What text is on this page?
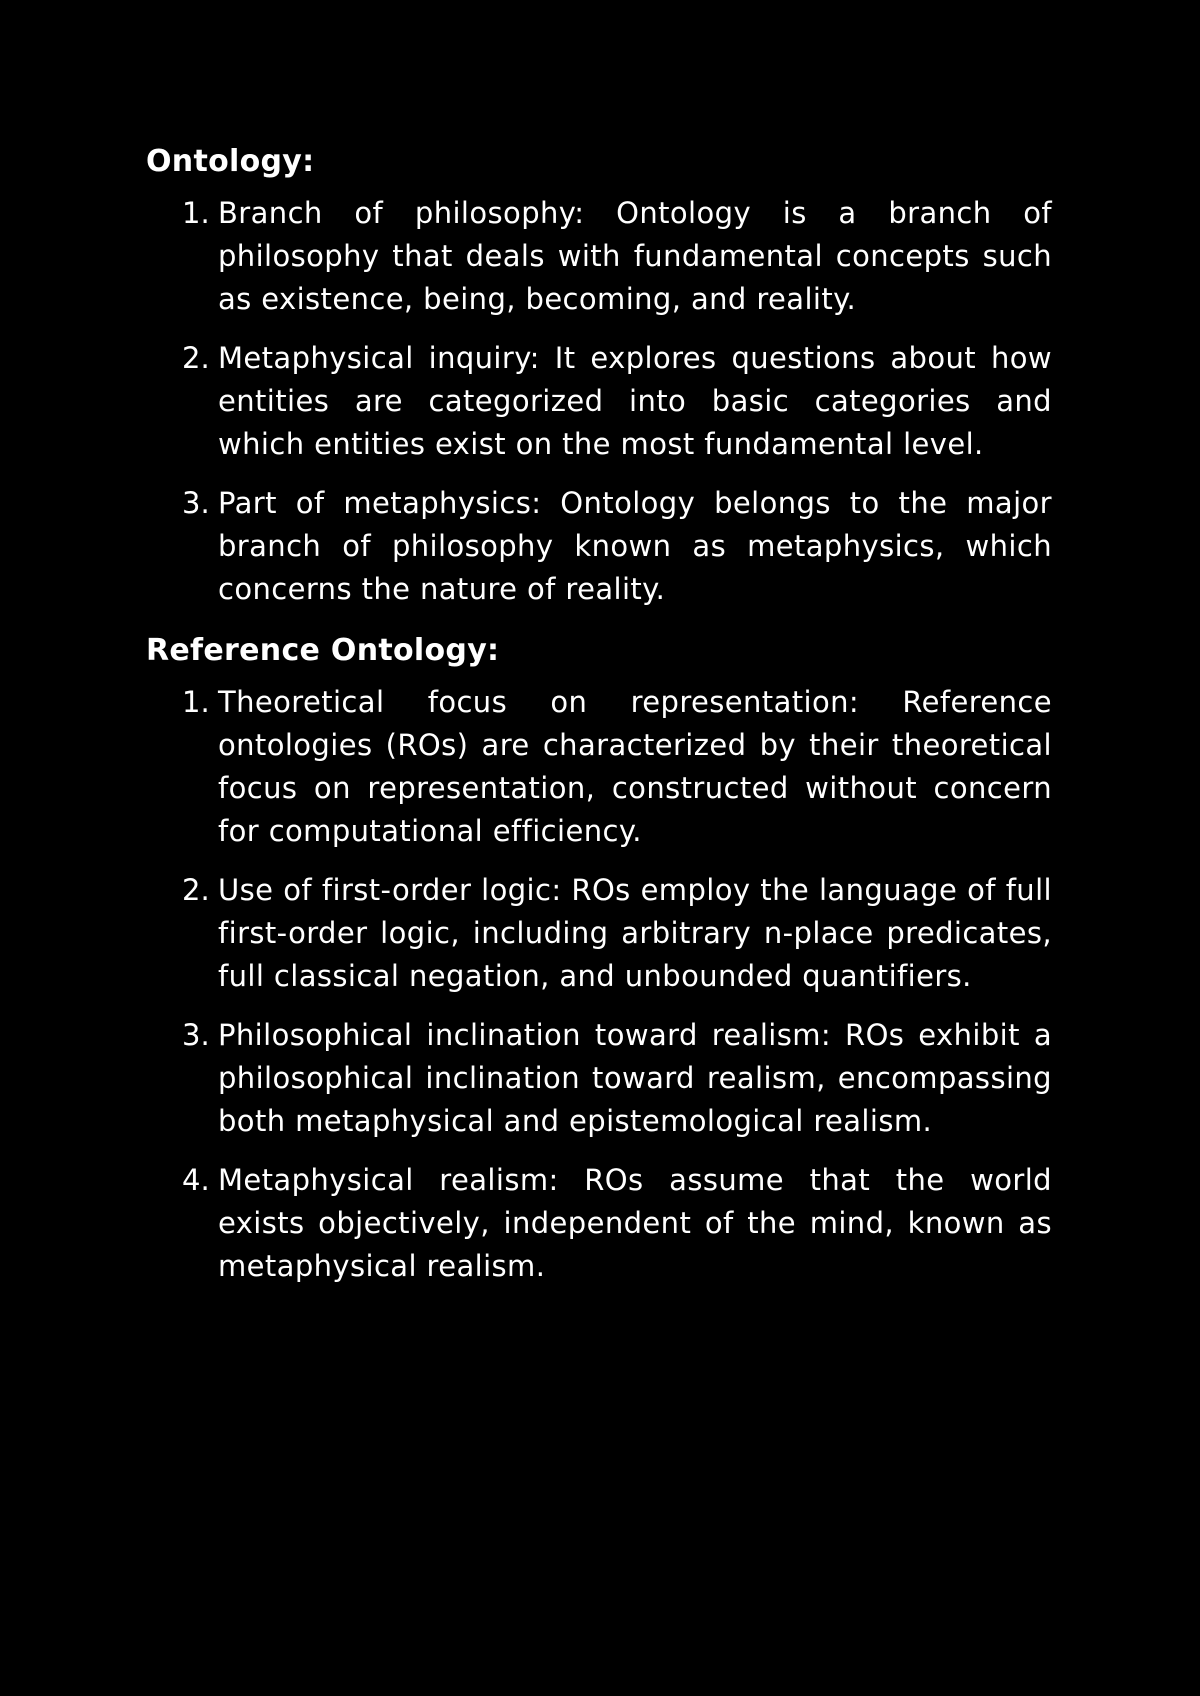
Ontology:
1. Branch of philosophy: Ontology is a branch of philosophy that deals with fundamental concepts such as existence, being, becoming, and reality.
2. Metaphysical inquiry: It explores questions about how entities are categorized into basic categories and which entities exist on the most fundamental level.
3. Part of metaphysics: Ontology belongs to the major branch of philosophy known as metaphysics, which concerns the nature of reality.
Reference Ontology:
1. Theoretical focus on representation: Reference ontologies (ROs) are characterized by their theoretical focus on representation, constructed without concern for computational efficiency.
2. Use of first-order logic: ROs employ the language of full first-order logic, including arbitrary n-place predicates, full classical negation, and unbounded quantifiers.
3. Philosophical inclination toward realism: ROs exhibit a philosophical inclination toward realism, encompassing both metaphysical and epistemological realism.
4. Metaphysical realism: ROs assume that the world exists objectively, independent of the mind, known as metaphysical realism.
